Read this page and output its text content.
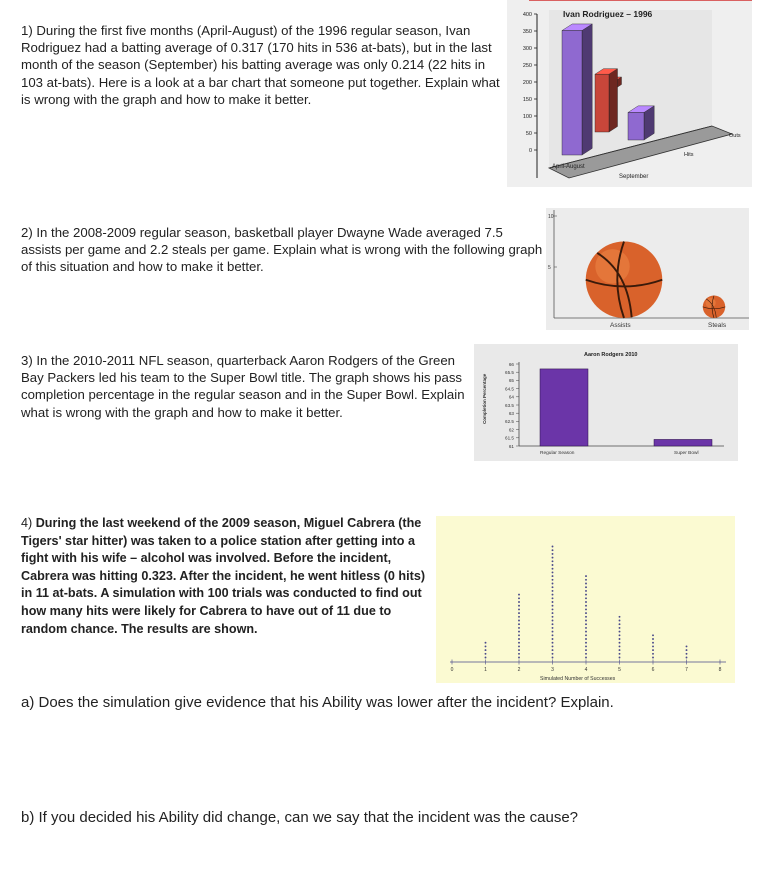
1) During the first five months (April-August) of the 1996 regular season, Ivan Rodriguez had a batting average of 0.317 (170 hits in 536 at-bats), but in the last month of the season (September) his batting average was only 0.214 (22 hits in 103 at-bats). Here is a look at a bar chart that someone put together. Explain what is wrong with the graph and how to make it better.
0
50
100
150
200
250
300
350
400	Ivan Rodriguez – 1996
April-August
September
Outs
Hits
2) In the 2008-2009 regular season, basketball player Dwayne Wade averaged 7.5 assists per game and 2.2 steals per game. Explain what is wrong with the following graph of this situation and how to make it better.	5
10
Assists	Steals
3) In the 2010-2011 NFL season, quarterback Aaron Rodgers of the Green Bay Packers led his team to the Super Bowl title. The graph shows his pass completion percentage in the regular season and in the Super Bowl. Explain what is wrong with the graph and how to make it better.
Aaron Rodgers 2010
Completion Percentage
61
61.5
62
62.5
63
63.5
64
64.5
65
65.5
66
Regular Season	Super Bowl
4) During the last weekend of the 2009 season, Miguel Cabrera (the Tigers' star hitter) was taken to a police station after getting into a fight with his wife – alcohol was involved. Before the incident, Cabrera was hitting 0.323. After the incident, he went hitless (0 hits) in 11 at-bats. A simulation with 100 trials was conducted to find out how many hits were likely for Cabrera to have out of 11 due to random chance. The results are shown.
0	1	2	3	4	5	6	7	8
Simulated Number of Successes
a) Does the simulation give evidence that his Ability was lower after the incident? Explain.
b) If you decided his Ability did change, can we say that the incident was the cause?
